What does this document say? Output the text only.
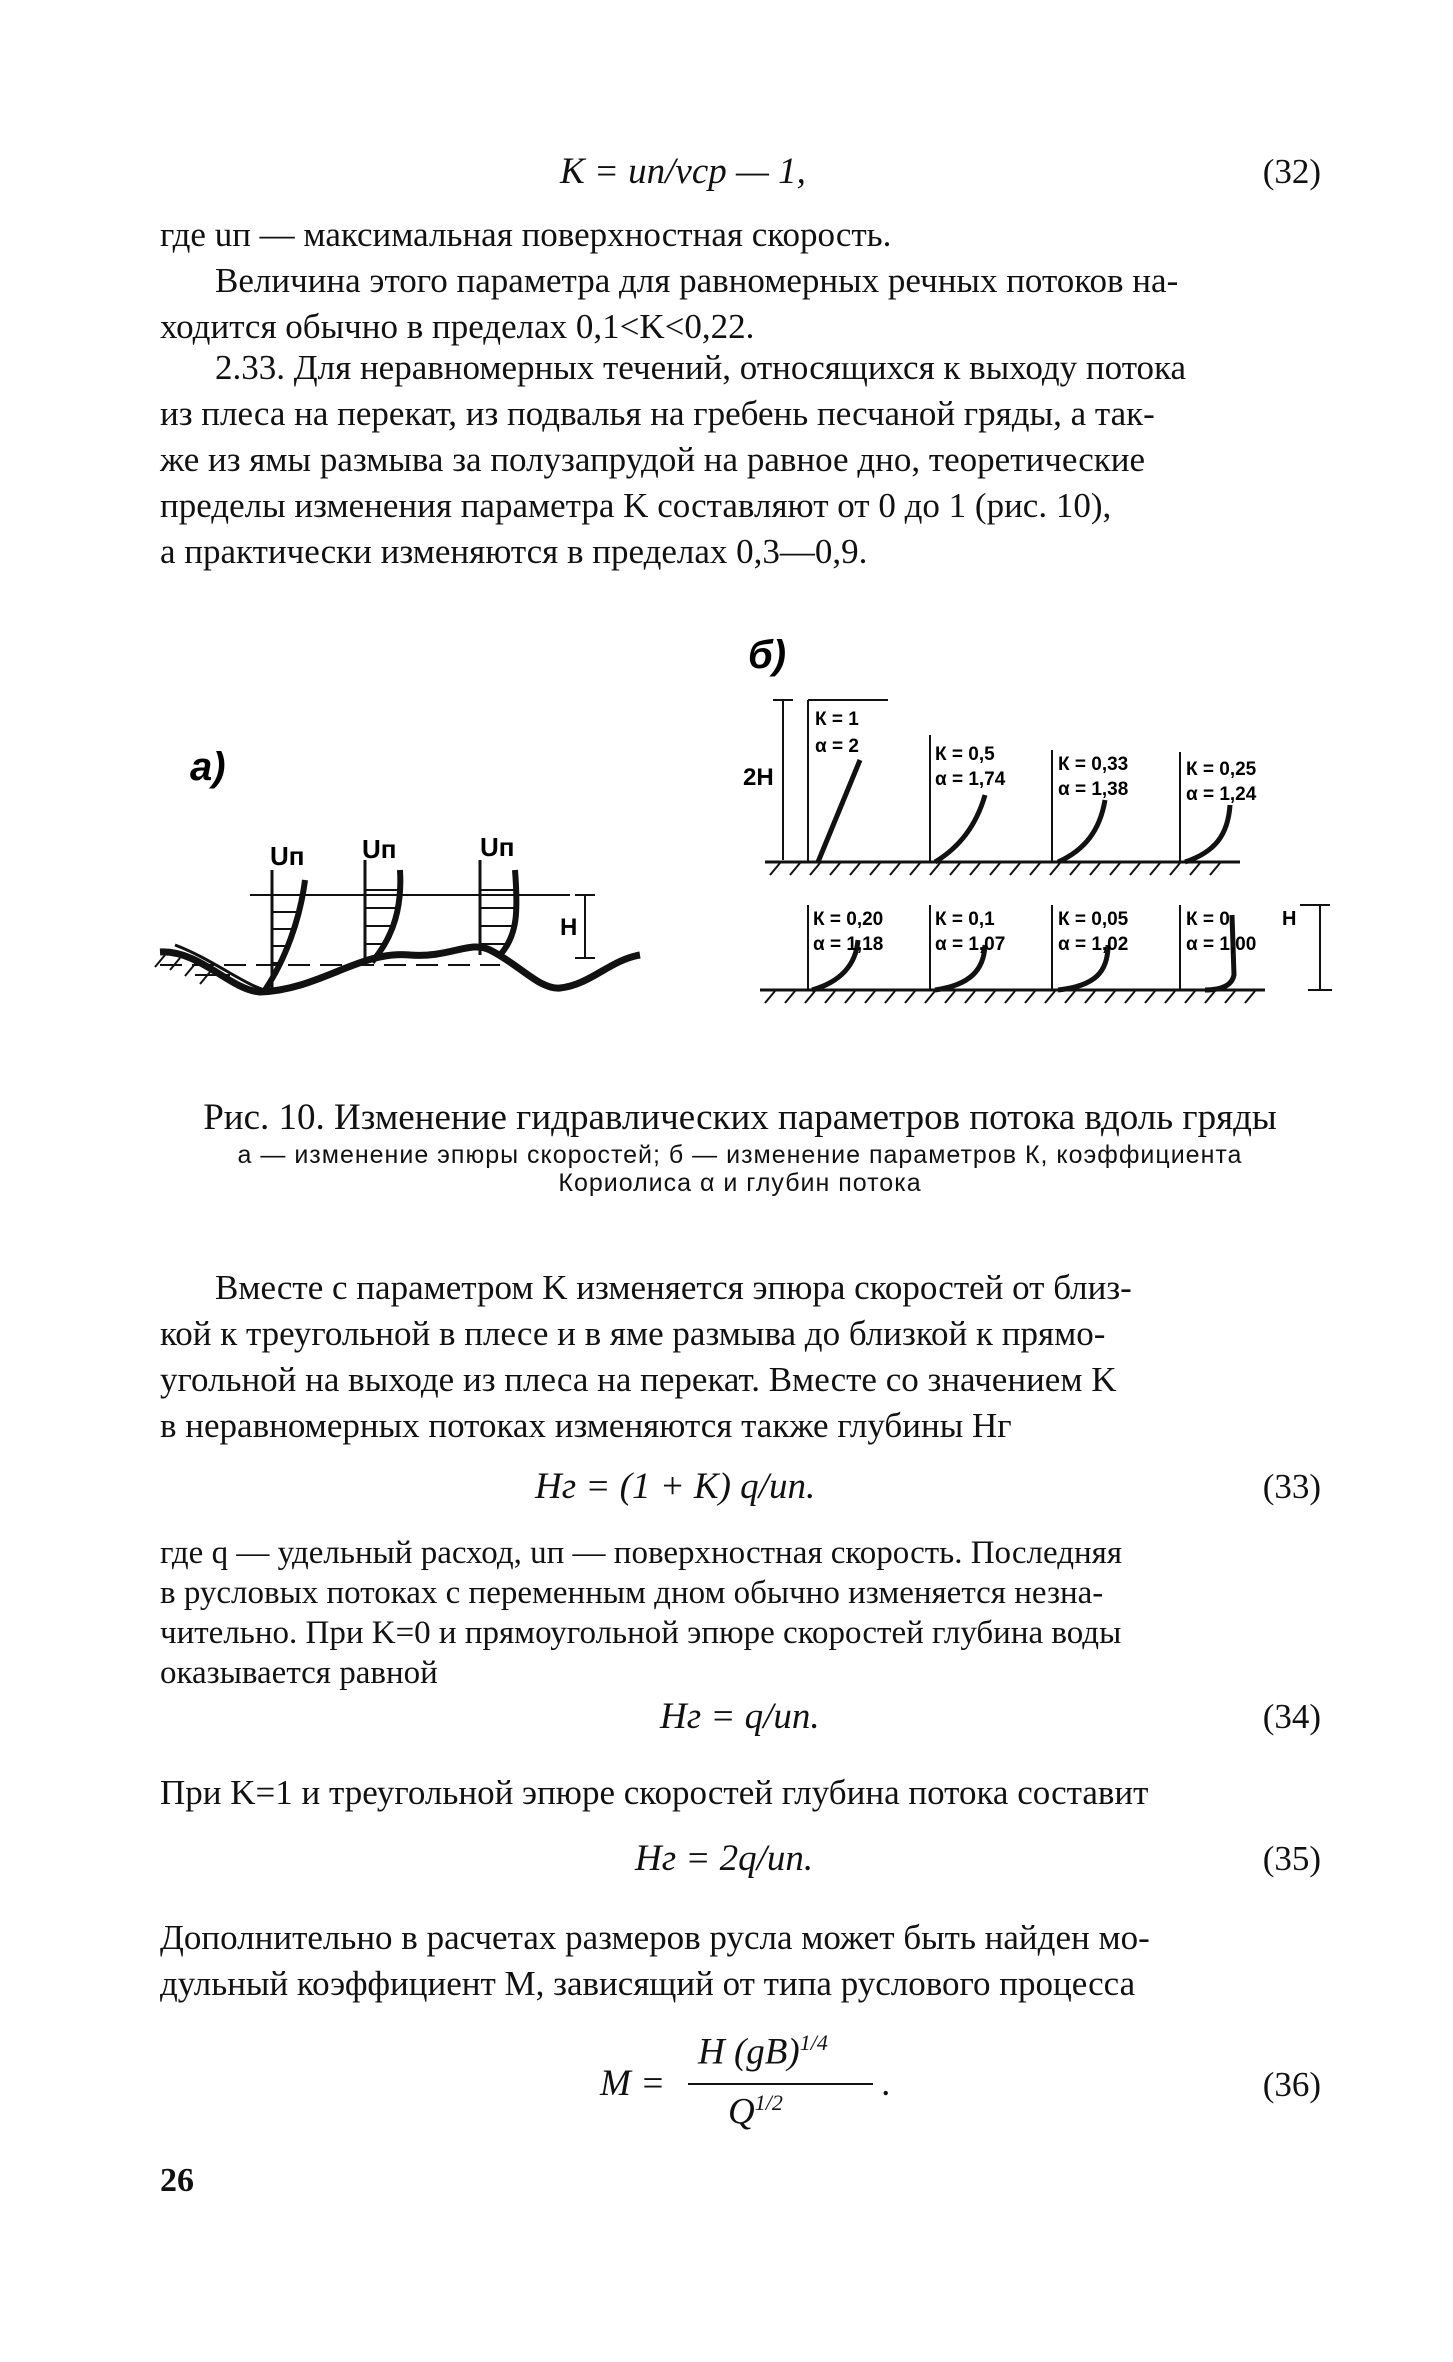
K = uп/vср — 1,	(32)
где uп — максимальная поверхностная скорость.
Величина этого параметра для равномерных речных потоков на-
ходится обычно в пределах 0,1<K<0,22.
2.33. Для неравномерных течений, относящихся к выходу потока
из плеса на перекат, из подвалья на гребень песчаной гряды, а так-
же из ямы размыва за полузапрудой на равное дно, теоретические
пределы изменения параметра K составляют от 0 до 1 (рис. 10),
а практически изменяются в пределах 0,3—0,9.
а)
Uп Uп	Uп
H
б)
2H
К = 1
α = 2	К = 0,5
α = 1,74
К = 0,33
α = 1,38
К = 0,25
α = 1,24
К = 0,20
α = 1,18
К = 0,1
α = 1,07
К = 0,05
α = 1,02
К = 0
α = 1,00
H
Рис. 10. Изменение гидравлических параметров потока вдоль гряды
а — изменение эпюры скоростей; б — изменение параметров К, коэффициента
Кориолиса α и глубин потока
Вместе с параметром K изменяется эпюра скоростей от близ-
кой к треугольной в плесе и в яме размыва до близкой к прямо-
угольной на выходе из плеса на перекат. Вместе со значением K
в неравномерных потоках изменяются также глубины Hг
Hг = (1 + K) q/uп.	(33)
где q — удельный расход, uп — поверхностная скорость. Последняя
в русловых потоках с переменным дном обычно изменяется незна-
чительно. При K=0 и прямоугольной эпюре скоростей глубина воды
оказывается равной
Hг = q/uп.	(34)
При K=1 и треугольной эпюре скоростей глубина потока составит
Hг = 2q/uп.	(35)
Дополнительно в расчетах размеров русла может быть найден мо-
дульный коэффициент M, зависящий от типа руслового процесса
M =
H (gB)$^{1/4}$
$Q^{1/2}$	.	(36)
26
